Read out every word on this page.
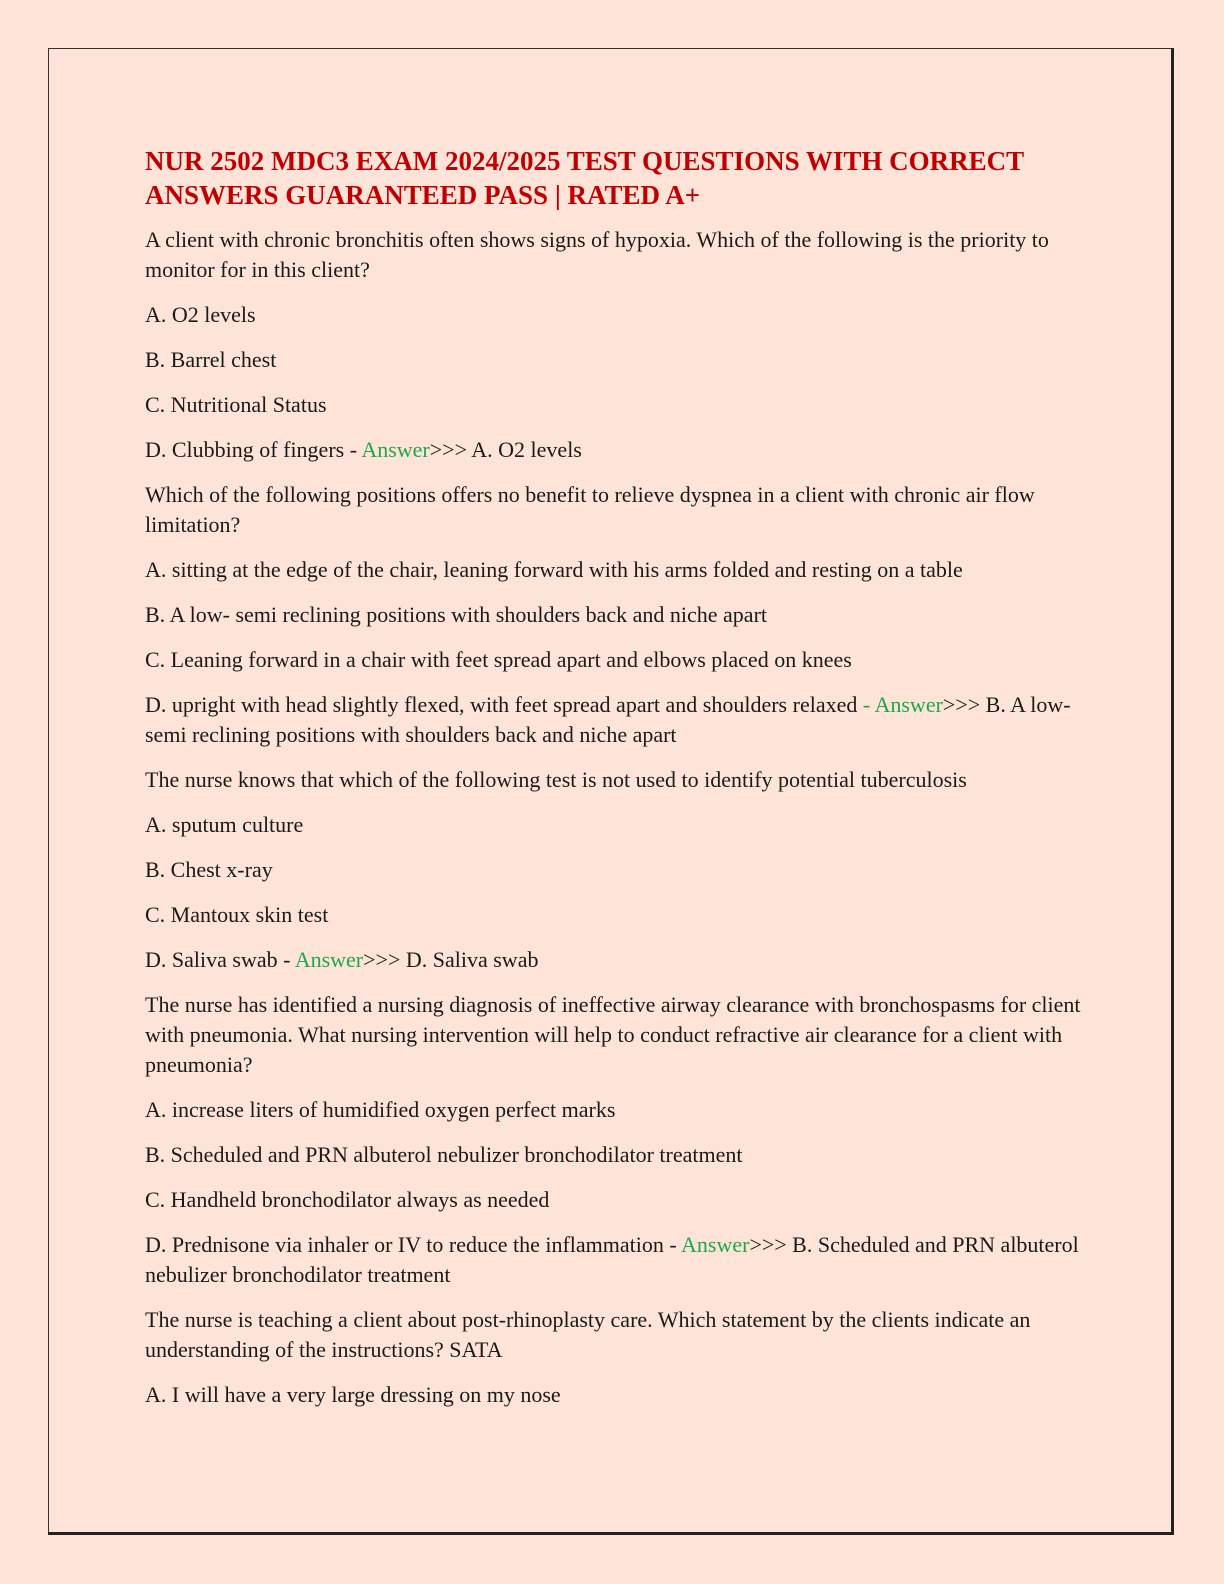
NUR 2502 MDC3 EXAM 2024/2025 TEST QUESTIONS WITH CORRECT ANSWERS GUARANTEED PASS | RATED A+

A client with chronic bronchitis often shows signs of hypoxia. Which of the following is the priority to monitor for in this client?

A. O2 levels

B. Barrel chest

C. Nutritional Status

D. Clubbing of fingers - Answer>>> A. O2 levels

Which of the following positions offers no benefit to relieve dyspnea in a client with chronic air flow limitation?

A. sitting at the edge of the chair, leaning forward with his arms folded and resting on a table

B. A low- semi reclining positions with shoulders back and niche apart

C. Leaning forward in a chair with feet spread apart and elbows placed on knees

D. upright with head slightly flexed, with feet spread apart and shoulders relaxed - Answer>>> B. A low- semi reclining positions with shoulders back and niche apart

The nurse knows that which of the following test is not used to identify potential tuberculosis

A. sputum culture

B. Chest x-ray

C. Mantoux skin test

D. Saliva swab - Answer>>> D. Saliva swab

The nurse has identified a nursing diagnosis of ineffective airway clearance with bronchospasms for client with pneumonia. What nursing intervention will help to conduct refractive air clearance for a client with pneumonia?

A. increase liters of humidified oxygen perfect marks

B. Scheduled and PRN albuterol nebulizer bronchodilator treatment

C. Handheld bronchodilator always as needed

D. Prednisone via inhaler or IV to reduce the inflammation - Answer>>> B. Scheduled and PRN albuterol nebulizer bronchodilator treatment

The nurse is teaching a client about post-rhinoplasty care. Which statement by the clients indicate an understanding of the instructions? SATA

A. I will have a very large dressing on my nose
